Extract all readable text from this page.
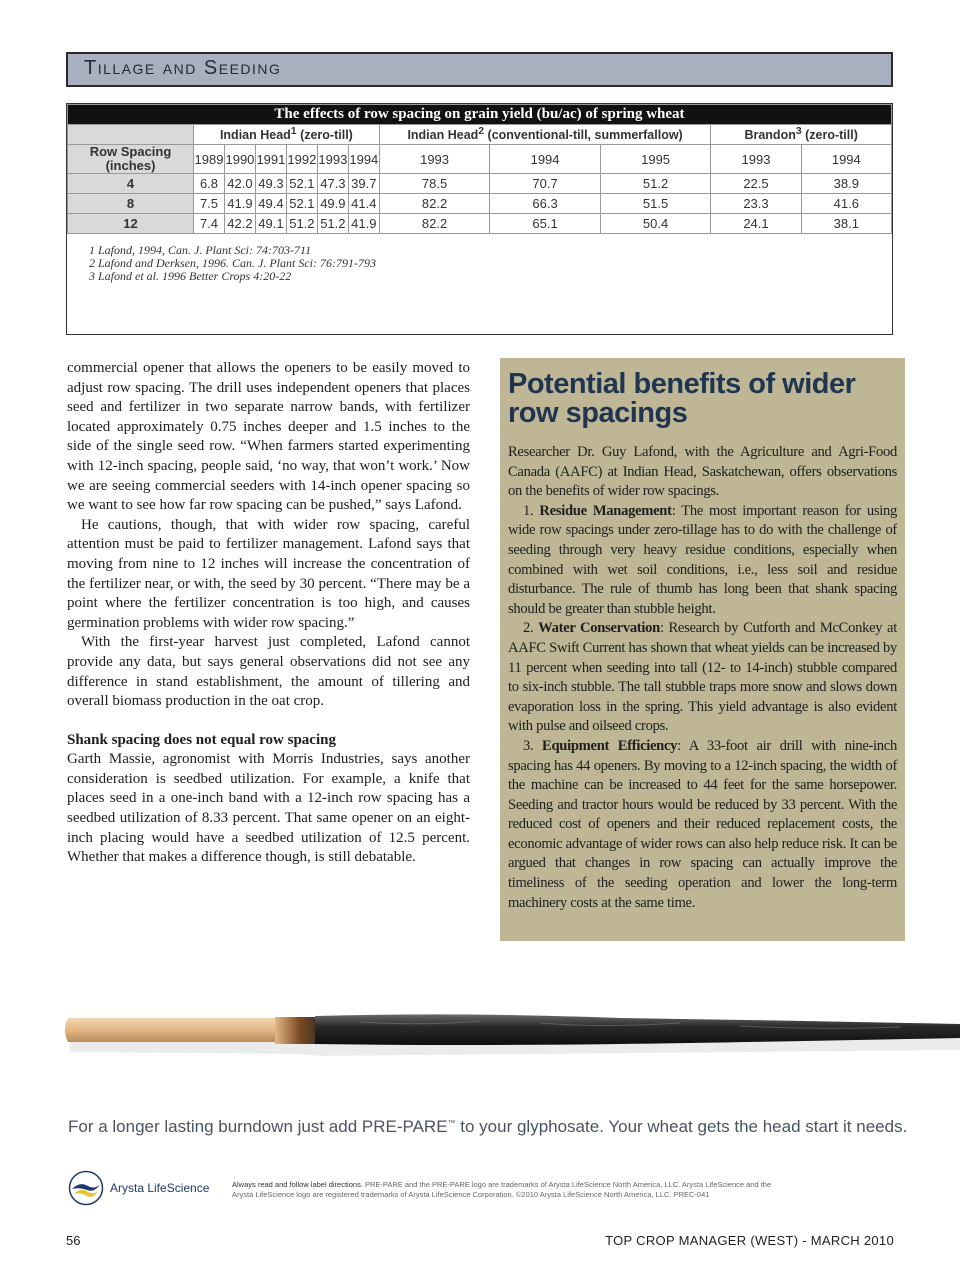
Tillage and Seeding
The effects of row spacing on grain yield (bu/ac) of spring wheat											
	Indian Head$^1$ (zero-till)						Indian Head$^2$ (conventional-till, summerfallow)			Brandon$^3$ (zero-till)	
Row Spacing (inches)	1989	1990	1991	1992	1993	1994	1993	1994	1995	1993	1994
4	6.8	42.0	49.3	52.1	47.3	39.7	78.5	70.7	51.2	22.5	38.9
8	7.5	41.9	49.4	52.1	49.9	41.4	82.2	66.3	51.5	23.3	41.6
12	7.4	42.2	49.1	51.2	51.2	41.9	82.2	65.1	50.4	24.1	38.1
1 Lafond, 1994, Can. J. Plant Sci: 74:703-711
2 Lafond and Derksen, 1996. Can. J. Plant Sci: 76:791-793
3 Lafond et al. 1996 Better Crops 4:20-22

commercial opener that allows the openers to be easily moved to adjust row spacing. The drill uses independent openers that places seed and fertilizer in two separate narrow bands, with fertilizer located approximately 0.75 inches deeper and 1.5 inches to the side of the single seed row. “When farmers started experimenting with 12-inch spacing, people said, ‘no way, that won’t work.’ Now we are seeing commercial seeders with 14-inch opener spacing so we want to see how far row spacing can be pushed,” says Lafond.

He cautions, though, that with wider row spacing, careful attention must be paid to fertilizer management. Lafond says that moving from nine to 12 inches will increase the concentration of the fertilizer near, or with, the seed by 30 percent. “There may be a point where the fertilizer concentration is too high, and causes germination problems with wider row spacing.”

With the first-year harvest just completed, Lafond cannot provide any data, but says general observations did not see any difference in stand establishment, the amount of tillering and overall biomass production in the oat crop.

Shank spacing does not equal row spacing

Garth Massie, agronomist with Morris Industries, says another consideration is seedbed utilization. For example, a knife that places seed in a one-inch band with a 12-inch row spacing has a seedbed utilization of 8.33 percent. That same opener on an eight-inch placing would have a seedbed utilization of 12.5 percent. Whether that makes a difference though, is still debatable.

Potential benefits of wider row spacings

Researcher Dr. Guy Lafond, with the Agriculture and Agri-Food Canada (AAFC) at Indian Head, Saskatchewan, offers observations on the benefits of wider row spacings.

1. Residue Management: The most important reason for using wide row spacings under zero-tillage has to do with the challenge of seeding through very heavy residue conditions, especially when combined with wet soil conditions, i.e., less soil and residue disturbance. The rule of thumb has long been that shank spacing should be greater than stubble height.

2. Water Conservation: Research by Cutforth and McConkey at AAFC Swift Current has shown that wheat yields can be increased by 11 percent when seeding into tall (12- to 14-inch) stubble compared to six-inch stubble. The tall stubble traps more snow and slows down evaporation loss in the spring. This yield advantage is also evident with pulse and oilseed crops.

3. Equipment Efficiency: A 33-foot air drill with nine-inch spacing has 44 openers. By moving to a 12-inch spacing, the width of the machine can be increased to 44 feet for the same horsepower. Seeding and tractor hours would be reduced by 33 percent. With the reduced cost of openers and their reduced replacement costs, the economic advantage of wider rows can also help reduce risk. It can be argued that changes in row spacing can actually improve the timeliness of the seeding operation and lower the long-term machinery costs at the same time.

For a longer lasting burndown just add PRE-PARE™ to your glyphosate. Your wheat gets the head start it needs.
Arysta LifeScience	Always read and follow label directions. PRE-PARE and the PRE-PARE logo are trademarks of Arysta LifeScience North America, LLC. Arysta LifeScience and the Arysta LifeScience logo are registered trademarks of Arysta LifeScience Corporation. ©2010 Arysta LifeScience North America, LLC. PREC-041
56	TOP CROP MANAGER (WEST) - MARCH 2010
